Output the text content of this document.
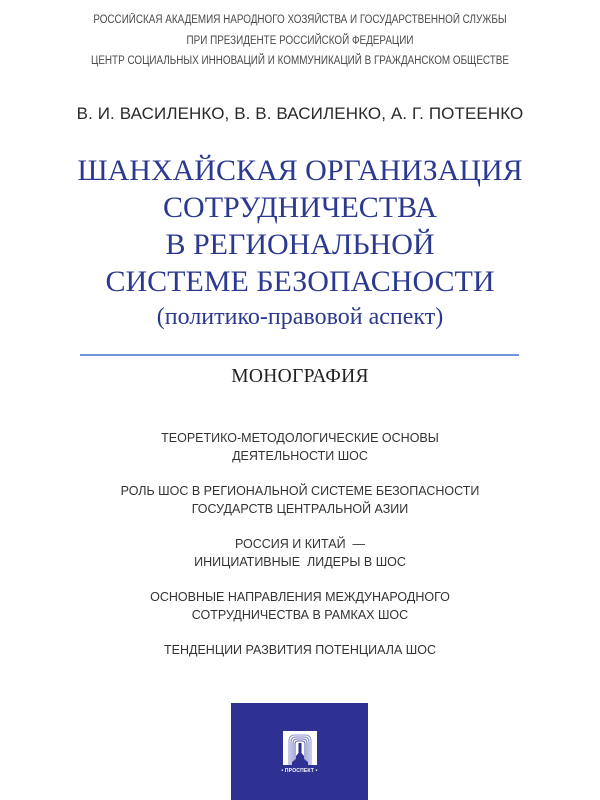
РОССИЙСКАЯ АКАДЕМИЯ НАРОДНОГО ХОЗЯЙСТВА И ГОСУДАРСТВЕННОЙ СЛУЖБЫ
ПРИ ПРЕЗИДЕНТЕ РОССИЙСКОЙ ФЕДЕРАЦИИ
ЦЕНТР СОЦИАЛЬНЫХ ИННОВАЦИЙ И КОММУНИКАЦИЙ В ГРАЖДАНСКОМ ОБЩЕСТВЕ
В. И. ВАСИЛЕНКО, В. В. ВАСИЛЕНКО, А. Г. ПОТЕЕНКО
ШАНХАЙСКАЯ ОРГАНИЗАЦИЯ
СОТРУДНИЧЕСТВА
В РЕГИОНАЛЬНОЙ
СИСТЕМЕ БЕЗОПАСНОСТИ
(политико-правовой аспект)
МОНОГРАФИЯ
ТЕОРЕТИКО-МЕТОДОЛОГИЧЕСКИЕ ОСНОВЫ
ДЕЯТЕЛЬНОСТИ ШОС
РОЛЬ ШОС В РЕГИОНАЛЬНОЙ СИСТЕМЕ БЕЗОПАСНОСТИ
ГОСУДАРСТВ ЦЕНТРАЛЬНОЙ АЗИИ
РОССИЯ И КИТАЙ  —
ИНИЦИАТИВНЫЕ  ЛИДЕРЫ В ШОС
ОСНОВНЫЕ НАПРАВЛЕНИЯ МЕЖДУНАРОДНОГО
СОТРУДНИЧЕСТВА В РАМКАХ ШОС
ТЕНДЕНЦИИ РАЗВИТИЯ ПОТЕНЦИАЛА ШОС
• ПРОСПЕКТ •
